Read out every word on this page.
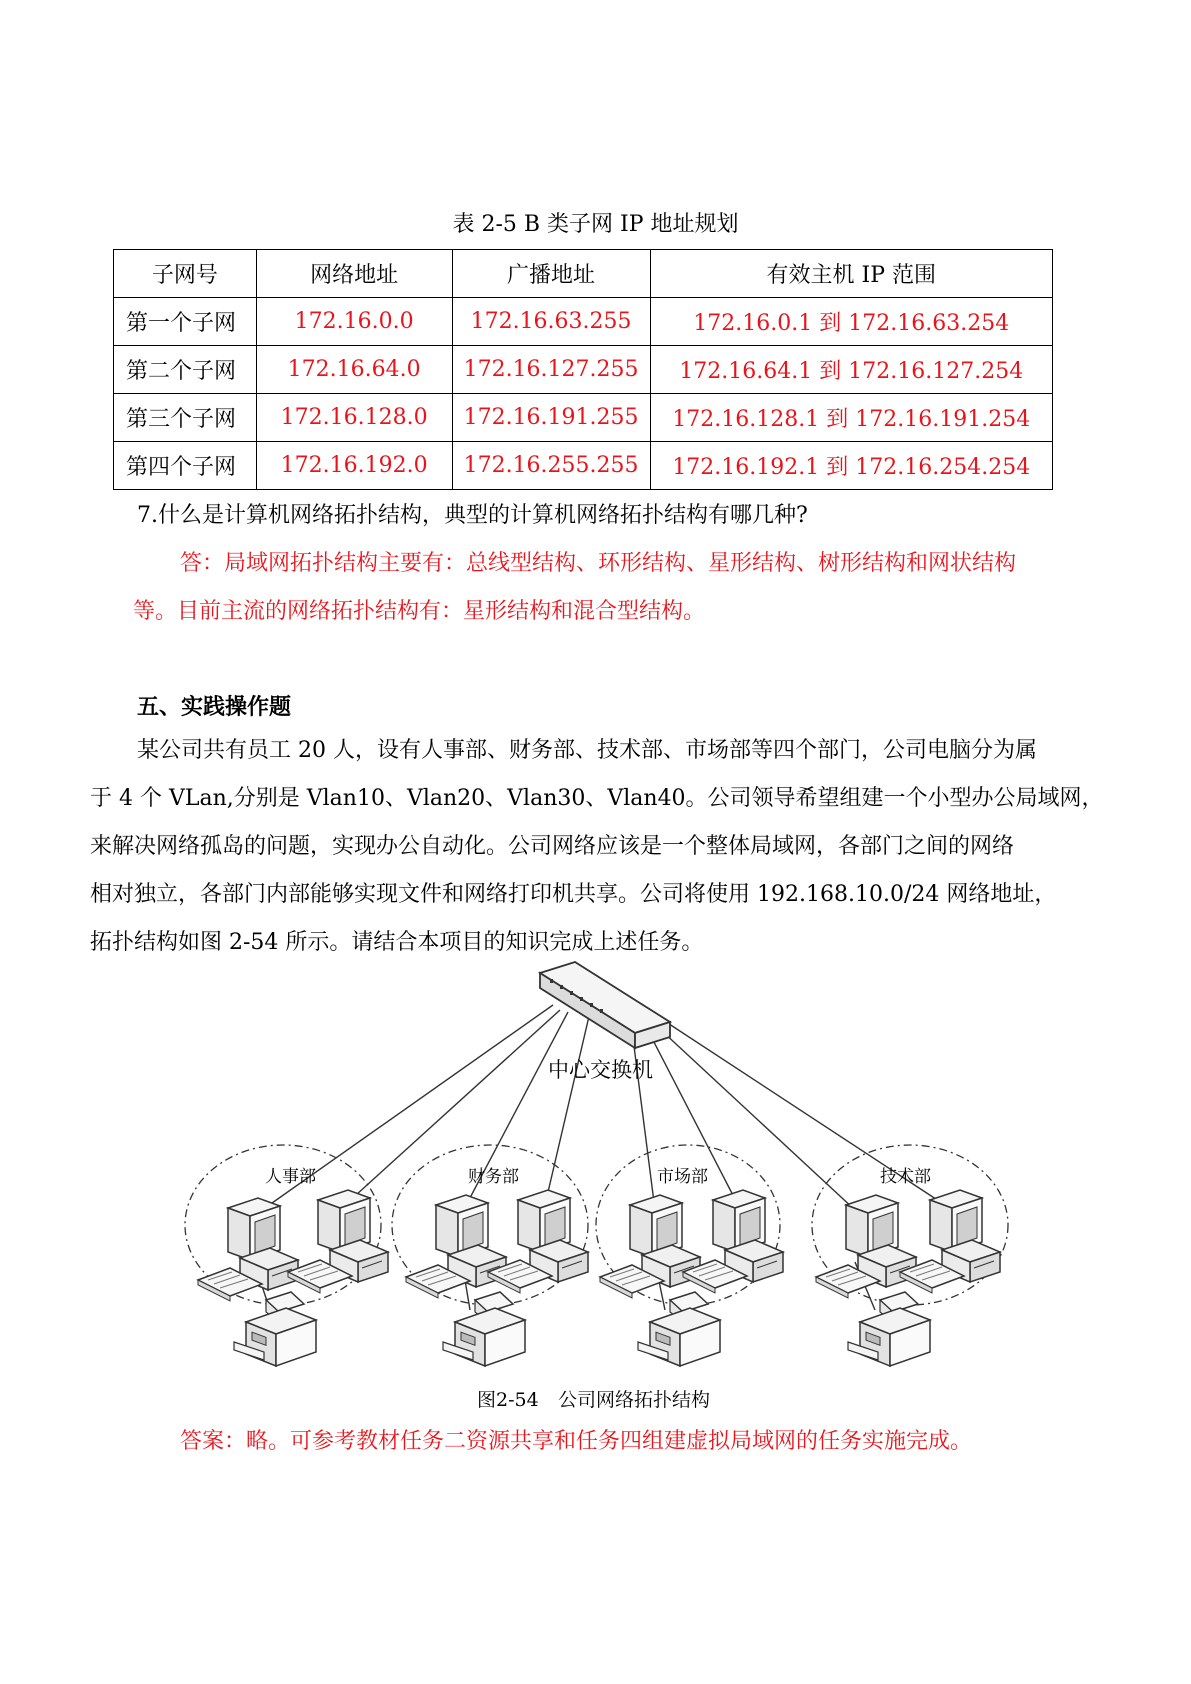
表 2-5 B 类子网 IP 地址规划
子网号	网络地址	广播地址	有效主机 IP 范围
第一个子网	172.16.0.0	172.16.63.255	172.16.0.1 到 172.16.63.254
第二个子网	172.16.64.0	172.16.127.255	172.16.64.1 到 172.16.127.254
第三个子网	172.16.128.0	172.16.191.255	172.16.128.1 到 172.16.191.254
第四个子网	172.16.192.0	172.16.255.255	172.16.192.1 到 172.16.254.254
7.什么是计算机网络拓扑结构，典型的计算机网络拓扑结构有哪几种?
答：局域网拓扑结构主要有：总线型结构、环形结构、星形结构、树形结构和网状结构
等。目前主流的网络拓扑结构有：星形结构和混合型结构。
五、实践操作题
某公司共有员工 20 人，设有人事部、财务部、技术部、市场部等四个部门，公司电脑分为属
于 4 个 VLan,分别是 Vlan10、Vlan20、Vlan30、Vlan40。公司领导希望组建一个小型办公局域网，
来解决网络孤岛的问题，实现办公自动化。公司网络应该是一个整体局域网，各部门之间的网络
相对独立，各部门内部能够实现文件和网络打印机共享。公司将使用 192.168.10.0/24 网络地址，
拓扑结构如图 2-54 所示。请结合本项目的知识完成上述任务。
中心交换机
人事部	财务部	市场部	技术部
图2-54 公司网络拓扑结构
答案：略。可参考教材任务二资源共享和任务四组建虚拟局域网的任务实施完成。
